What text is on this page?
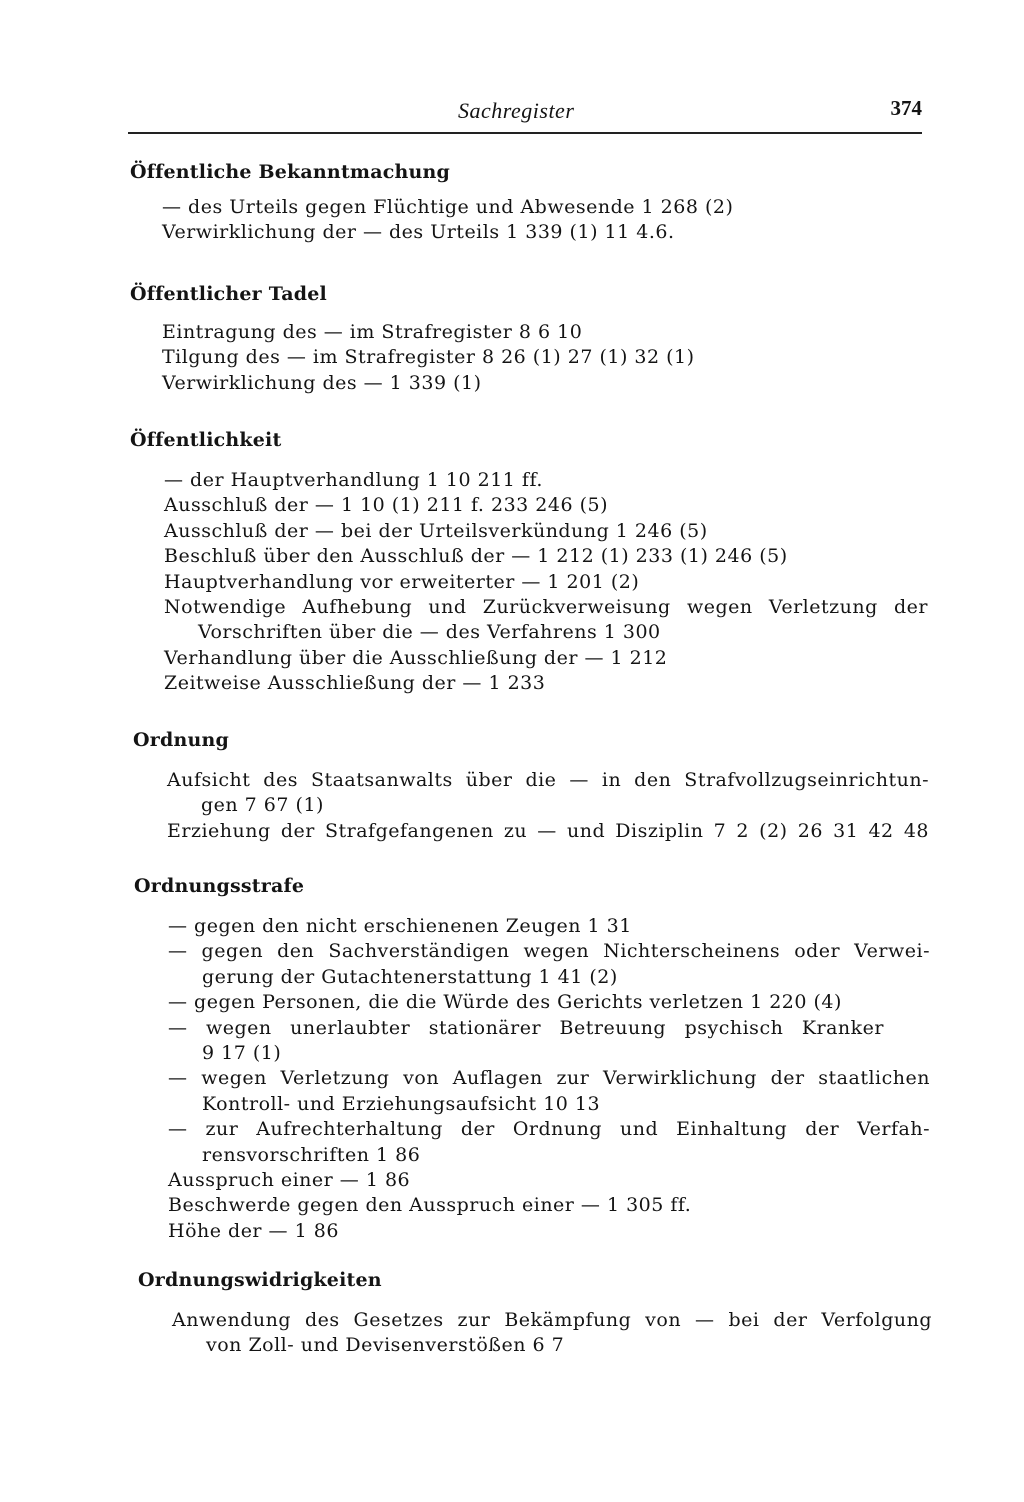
Sachregister	374
Öffentliche Bekanntmachung
— des Urteils gegen Flüchtige und Abwesende 1 268 (2)
Verwirklichung der — des Urteils 1 339 (1) 11 4.6.
Öffentlicher Tadel
Eintragung des — im Strafregister 8 6 10
Tilgung des — im Strafregister 8 26 (1) 27 (1) 32 (1)
Verwirklichung des — 1 339 (1)
Öffentlichkeit
— der Hauptverhandlung 1 10 211 ff.
Ausschluß der — 1 10 (1) 211 f. 233 246 (5)
Ausschluß der — bei der Urteilsverkündung 1 246 (5)
Beschluß über den Ausschluß der — 1 212 (1) 233 (1) 246 (5)
Hauptverhandlung vor erweiterter — 1 201 (2)
Notwendige Aufhebung und Zurückverweisung wegen Verletzung der
Vorschriften über die — des Verfahrens 1 300
Verhandlung über die Ausschließung der — 1 212
Zeitweise Ausschließung der — 1 233
Ordnung
Aufsicht des Staatsanwalts über die — in den Strafvollzugseinrichtun-
gen 7 67 (1)
Erziehung der Strafgefangenen zu — und Disziplin 7 2 (2) 26 31 42 48
Ordnungsstrafe
— gegen den nicht erschienenen Zeugen 1 31
— gegen den Sachverständigen wegen Nichterscheinens oder Verwei-
gerung der Gutachtenerstattung 1 41 (2)
— gegen Personen, die die Würde des Gerichts verletzen 1 220 (4)
— wegen unerlaubter stationärer Betreuung psychisch Kranker
9 17 (1)
— wegen Verletzung von Auflagen zur Verwirklichung der staatlichen
Kontroll- und Erziehungsaufsicht 10 13
— zur Aufrechterhaltung der Ordnung und Einhaltung der Verfah-
rensvorschriften 1 86
Ausspruch einer — 1 86
Beschwerde gegen den Ausspruch einer — 1 305 ff.
Höhe der — 1 86
Ordnungswidrigkeiten
Anwendung des Gesetzes zur Bekämpfung von — bei der Verfolgung
von Zoll- und Devisenverstößen 6 7
